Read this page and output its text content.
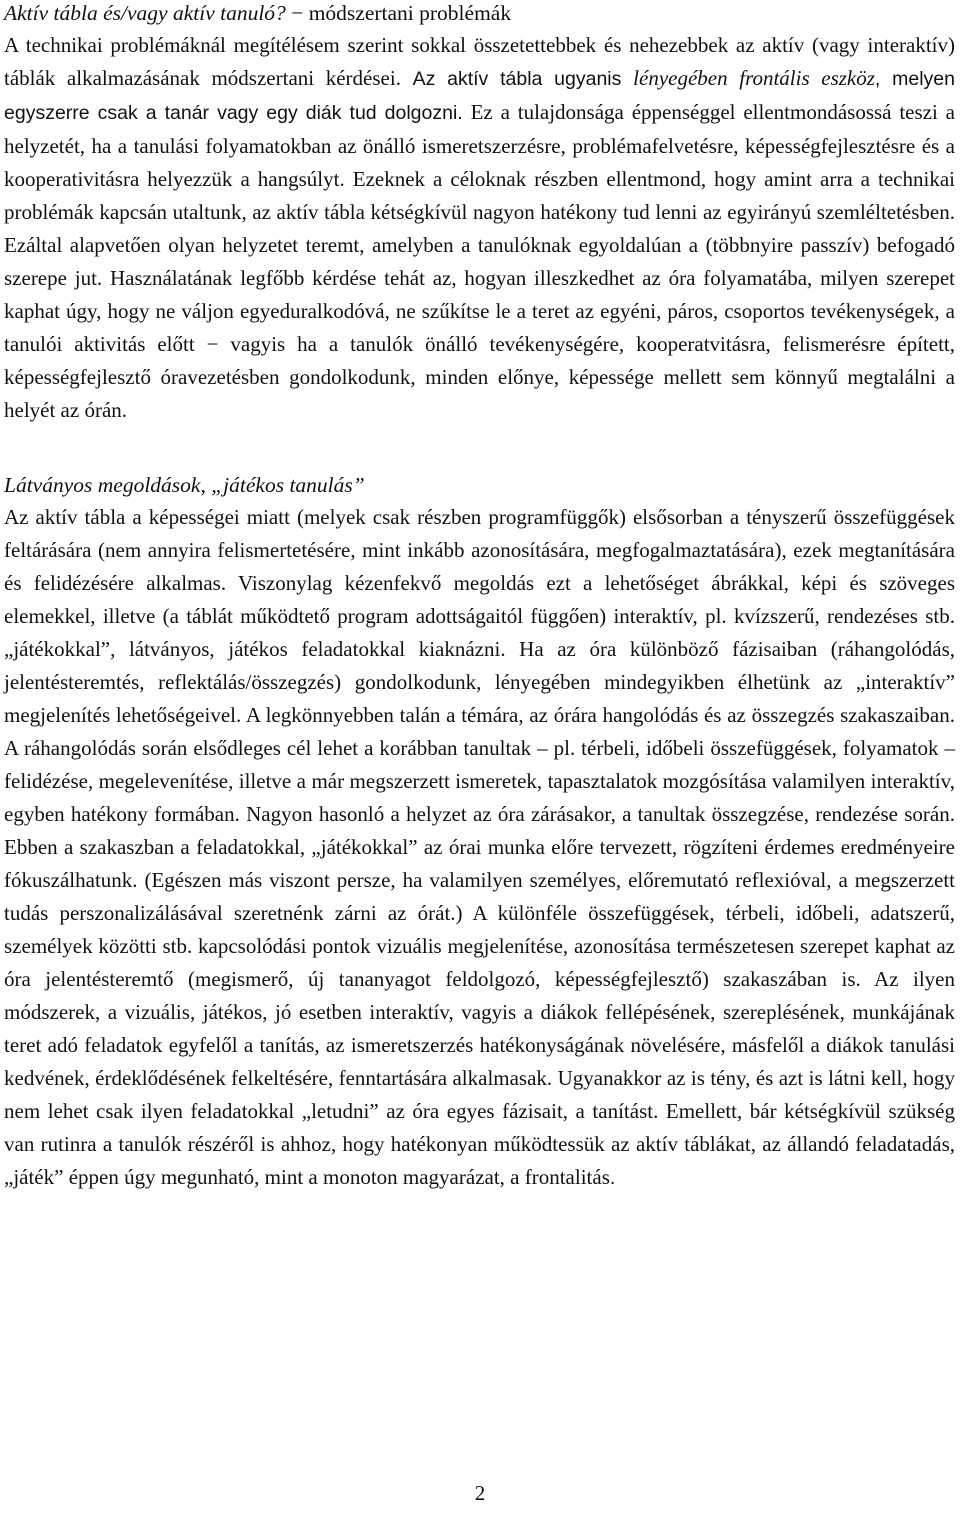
Aktív tábla és/vagy aktív tanuló? − módszertani problémák

A technikai problémáknál megítélésem szerint sokkal összetettebbek és nehezebbek az aktív (vagy interaktív) táblák alkalmazásának módszertani kérdései. Az aktív tábla ugyanis lényegében frontális eszköz, melyen egyszerre csak a tanár vagy egy diák tud dolgozni. Ez a tulajdonsága éppenséggel ellentmondásossá teszi a helyzetét, ha a tanulási folyamatokban az önálló ismeretszerzésre, problémafelvetésre, képességfejlesztésre és a kooperativitásra helyezzük a hangsúlyt. Ezeknek a céloknak részben ellentmond, hogy amint arra a technikai problémák kapcsán utaltunk, az aktív tábla kétségkívül nagyon hatékony tud lenni az egyirányú szemléltetésben. Ezáltal alapvetően olyan helyzetet teremt, amelyben a tanulóknak egyoldalúan a (többnyire passzív) befogadó szerepe jut. Használatának legfőbb kérdése tehát az, hogyan illeszkedhet az óra folyamatába, milyen szerepet kaphat úgy, hogy ne váljon egyeduralkodóvá, ne szűkítse le a teret az egyéni, páros, csoportos tevékenységek, a tanulói aktivitás előtt − vagyis ha a tanulók önálló tevékenységére, kooperatvitásra, felismerésre épített, képességfejlesztő óravezetésben gondolkodunk, minden előnye, képessége mellett sem könnyű megtalálni a helyét az órán.

Látványos megoldások, „játékos tanulás”

Az aktív tábla a képességei miatt (melyek csak részben programfüggők) elsősorban a tényszerű összefüggések feltárására (nem annyira felismertetésére, mint inkább azonosítására, megfogalmaztatására), ezek megtanítására és felidézésére alkalmas. Viszonylag kézenfekvő megoldás ezt a lehetőséget ábrákkal, képi és szöveges elemekkel, illetve (a táblát működtető program adottságaitól függően) interaktív, pl. kvízszerű, rendezéses stb. „játékokkal”, látványos, játékos feladatokkal kiaknázni. Ha az óra különböző fázisaiban (ráhangolódás, jelentésteremtés, reflektálás/összegzés) gondolkodunk, lényegében mindegyikben élhetünk az „interaktív” megjelenítés lehetőségeivel. A legkönnyebben talán a témára, az órára hangolódás és az összegzés szakaszaiban. A ráhangolódás során elsődleges cél lehet a korábban tanultak – pl. térbeli, időbeli összefüggések, folyamatok – felidézése, megelevenítése, illetve a már megszerzett ismeretek, tapasztalatok mozgósítása valamilyen interaktív, egyben hatékony formában. Nagyon hasonló a helyzet az óra zárásakor, a tanultak összegzése, rendezése során. Ebben a szakaszban a feladatokkal, „játékokkal” az órai munka előre tervezett, rögzíteni érdemes eredményeire fókuszálhatunk. (Egészen más viszont persze, ha valamilyen személyes, előremutató reflexióval, a megszerzett tudás perszonalizálásával szeretnénk zárni az órát.) A különféle összefüggések, térbeli, időbeli, adatszerű, személyek közötti stb. kapcsolódási pontok vizuális megjelenítése, azonosítása természetesen szerepet kaphat az óra jelentésteremtő (megismerő, új tananyagot feldolgozó, képességfejlesztő) szakaszában is. Az ilyen módszerek, a vizuális, játékos, jó esetben interaktív, vagyis a diákok fellépésének, szereplésének, munkájának teret adó feladatok egyfelől a tanítás, az ismeretszerzés hatékonyságának növelésére, másfelől a diákok tanulási kedvének, érdeklődésének felkeltésére, fenntartására alkalmasak. Ugyanakkor az is tény, és azt is látni kell, hogy nem lehet csak ilyen feladatokkal „letudni” az óra egyes fázisait, a tanítást. Emellett, bár kétségkívül szükség van rutinra a tanulók részéről is ahhoz, hogy hatékonyan működtessük az aktív táblákat, az állandó feladatadás, „játék” éppen úgy megunható, mint a monoton magyarázat, a frontalitás.

2
